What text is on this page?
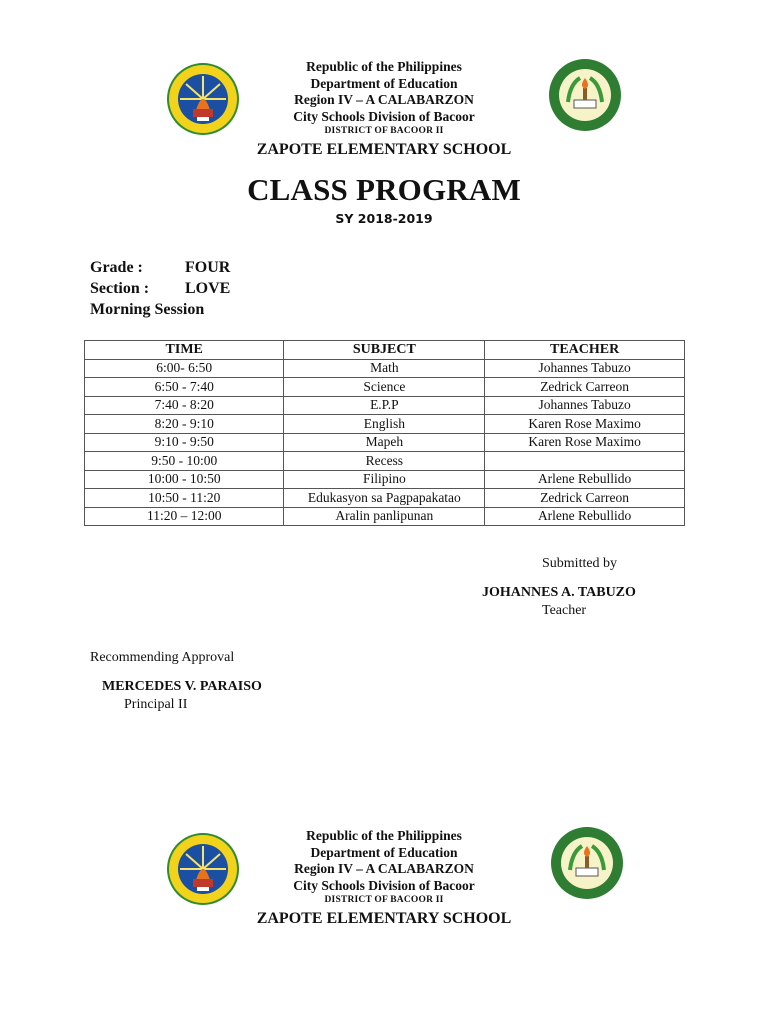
Republic of the Philippines
Department of Education
Region IV – A CALABARZON
City Schools Division of Bacoor
DISTRICT OF BACOOR II
ZAPOTE ELEMENTARY SCHOOL
CLASS PROGRAM
SY 2018-2019
Grade :	FOUR
Section : LOVE
Morning Session
TIME	SUBJECT	TEACHER
6:00- 6:50	Math	Johannes Tabuzo
6:50 - 7:40	Science	Zedrick Carreon
7:40 - 8:20	E.P.P	Johannes Tabuzo
8:20 - 9:10	English	Karen Rose Maximo
9:10 - 9:50	Mapeh	Karen Rose Maximo
9:50 - 10:00	Recess	
10:00 - 10:50	Filipino	Arlene Rebullido
10:50 - 11:20	Edukasyon sa Pagpapakatao	Zedrick Carreon
11:20 – 12:00	Aralin panlipunan	Arlene Rebullido
Submitted by
JOHANNES A. TABUZO
Teacher
Recommending Approval
MERCEDES V. PARAISO
Principal II
Republic of the Philippines
Department of Education
Region IV – A CALABARZON
City Schools Division of Bacoor
DISTRICT OF BACOOR II
ZAPOTE ELEMENTARY SCHOOL
